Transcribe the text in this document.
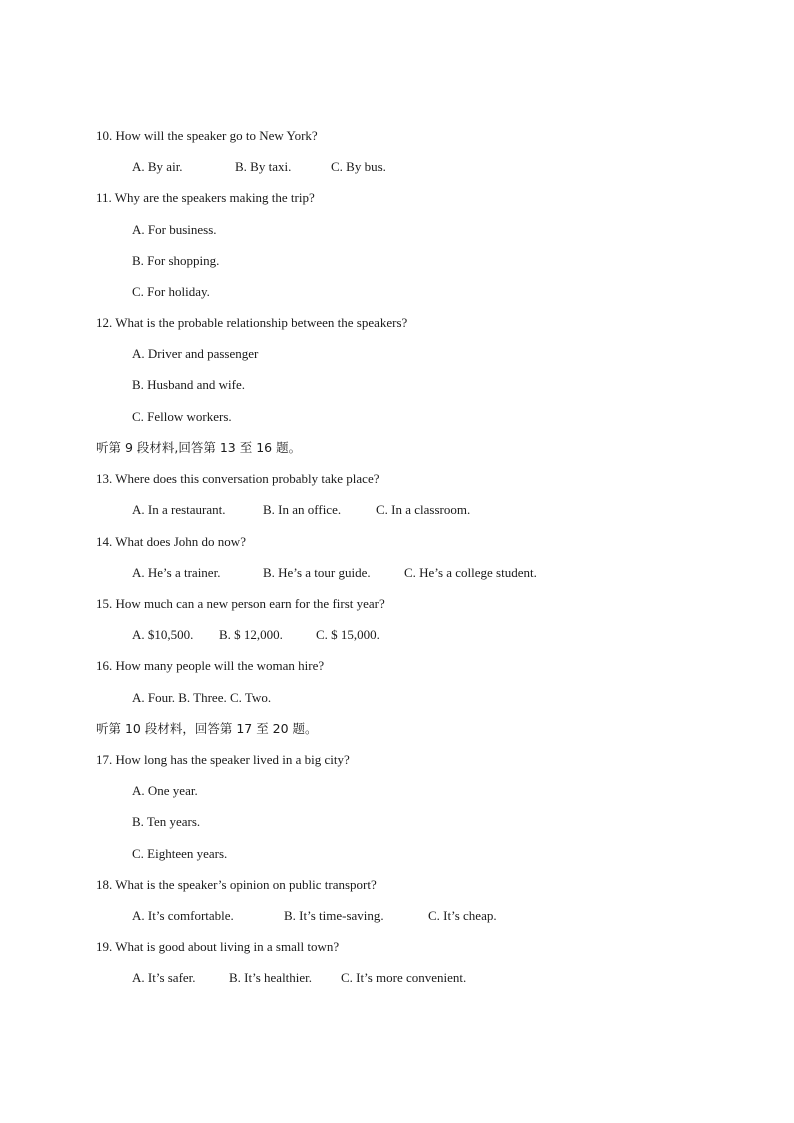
10. How will the speaker go to New York?
A. By air.	B. By taxi.	C. By bus.
11. Why are the speakers making the trip?
A. For business.
B. For shopping.
C. For holiday.
12. What is the probable relationship between the speakers?
A. Driver and passenger
B. Husband and wife.
C. Fellow workers.
听第 9 段材料,回答第 13 至 16 题。
13. Where does this conversation probably take place?
A. In a restaurant.	B. In an office.	C. In a classroom.
14. What does John do now?
A. He’s a trainer.	B. He’s a tour guide.	C. He’s a college student.
15. How much can a new person earn for the first year?
A. $10,500. B. $ 12,000.	C. $ 15,000.
16. How many people will the woman hire?
A. Four. B. Three. C. Two.
听第 10 段材料，回答第 17 至 20 题。
17. How long has the speaker lived in a big city?
A. One year.
B. Ten years.
C. Eighteen years.
18. What is the speaker’s opinion on public transport?
A. It’s comfortable.	B. It’s time-saving.	C. It’s cheap.
19. What is good about living in a small town?
A. It’s safer.	B. It’s healthier. C. It’s more convenient.
